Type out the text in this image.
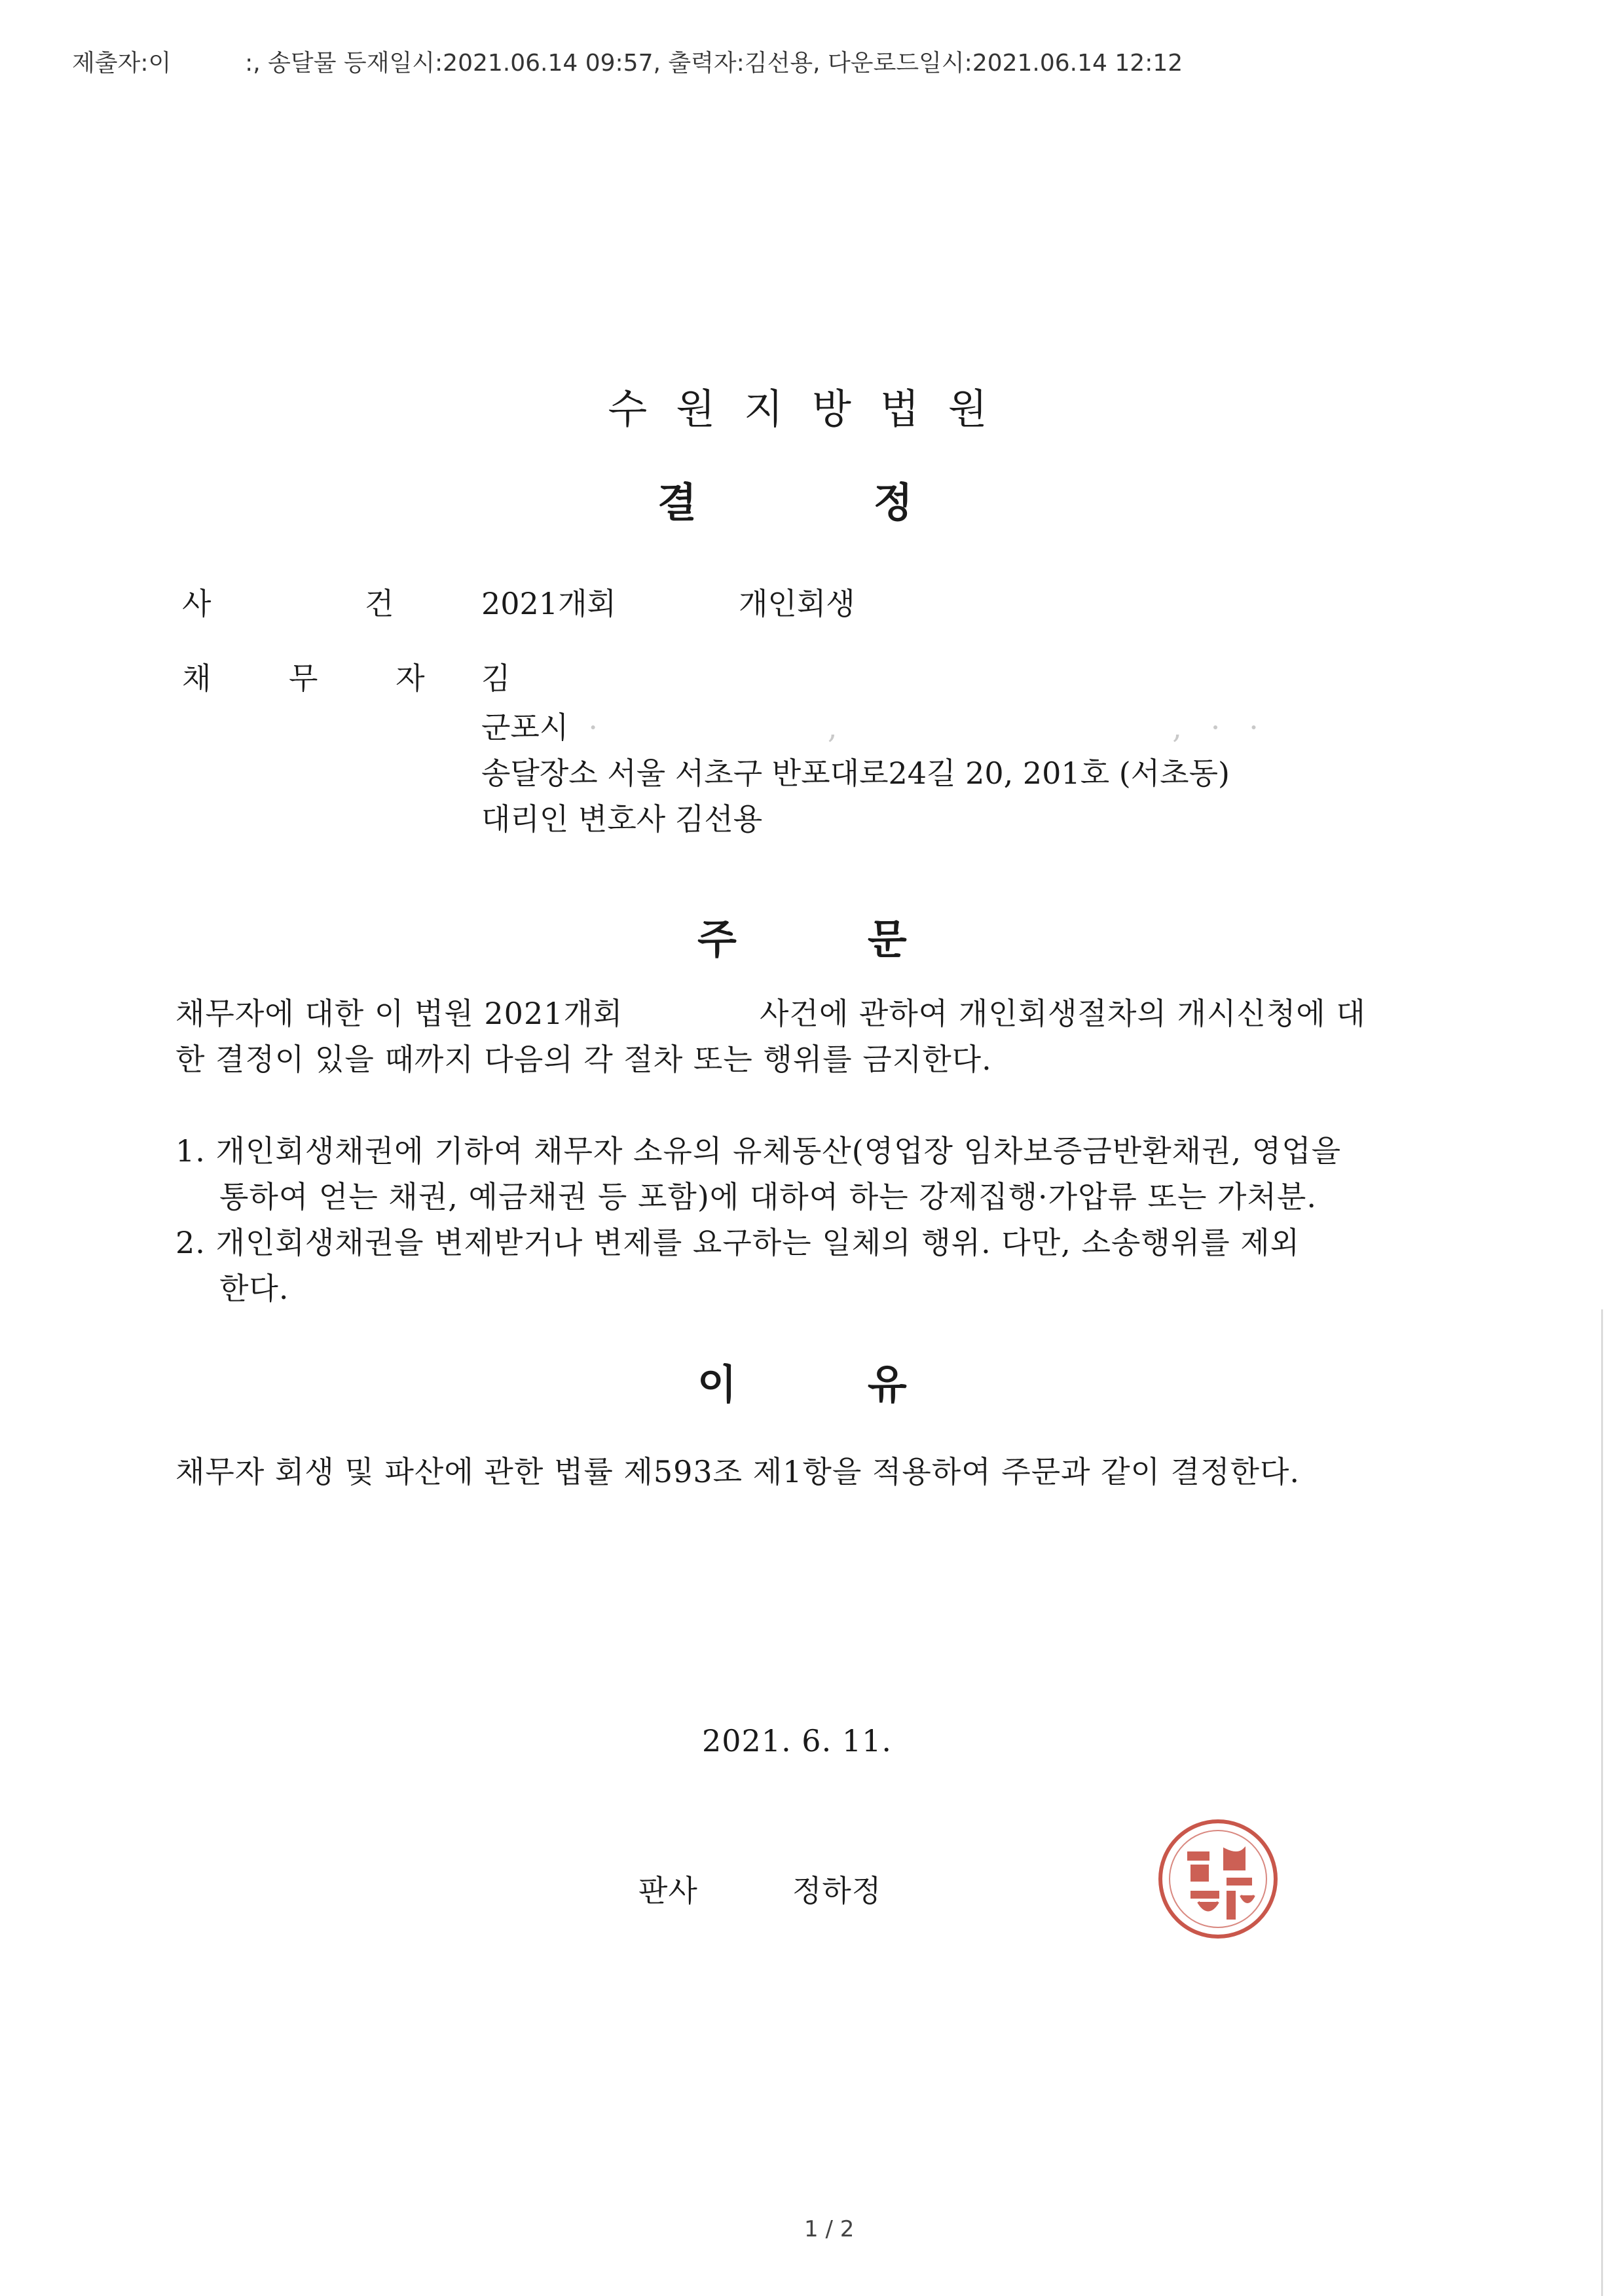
제출자:이	:, 송달물 등재일시:2021.06.14 09:57, 출력자:김선용, 다운로드일시:2021.06.14 12:12
수원지방법원
결	정
사 건 2021개회	개인회생
채 무 자 김
군포시 ·                        ,                                   ,   ·   ·
송달장소 서울 서초구 반포대로24길 20, 201호 (서초동)
대리인 변호사 김선용
주	문
채무자에 대한 이 법원 2021개회	사건에 관하여 개인회생절차의 개시신청에 대
한 결정이 있을 때까지 다음의 각 절차 또는 행위를 금지한다.
1. 개인회생채권에 기하여 채무자 소유의 유체동산(영업장 임차보증금반환채권, 영업을
통하여 얻는 채권, 예금채권 등 포함)에 대하여 하는 강제집행·가압류 또는 가처분.
2. 개인회생채권을 변제받거나 변제를 요구하는 일체의 행위. 다만, 소송행위를 제외
한다.
이	유
채무자 회생 및 파산에 관한 법률 제593조 제1항을 적용하여 주문과 같이 결정한다.
2021. 6. 11.
판사	정하정
1 / 2
